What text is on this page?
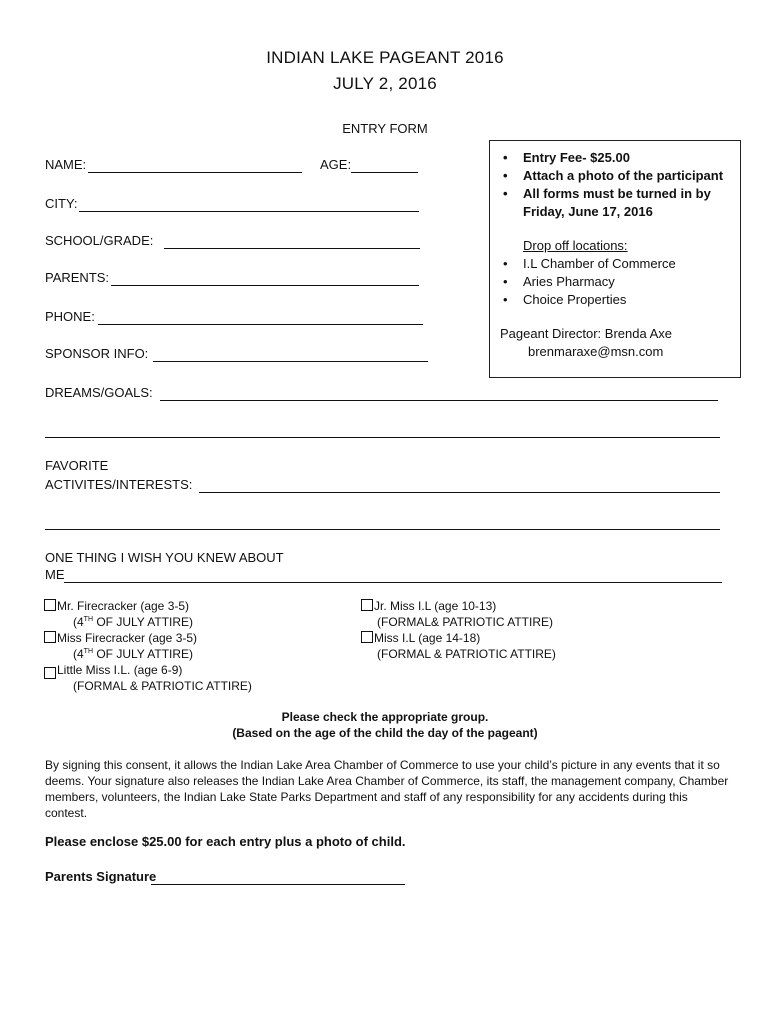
INDIAN LAKE PAGEANT 2016
JULY 2, 2016
ENTRY FORM
NAME:	AGE:
CITY:
SCHOOL/GRADE:
PARENTS:
PHONE:
SPONSOR INFO:
• Entry Fee- $25.00
• Attach a photo of the participant
• All forms must be turned in by
Friday, June 17, 2016
Drop off locations:
• I.L Chamber of Commerce
• Aries Pharmacy
• Choice Properties
Pageant Director: Brenda Axe
brenmaraxe@msn.com
DREAMS/GOALS:
FAVORITE
ACTIVITES/INTERESTS:
ONE THING I WISH YOU KNEW ABOUT
ME
Mr. Firecracker (age 3-5)
(4TH OF JULY ATTIRE)
Miss Firecracker (age 3-5)
(4TH OF JULY ATTIRE)
Little Miss I.L. (age 6-9)
(FORMAL & PATRIOTIC ATTIRE)
Jr. Miss I.L (age 10-13)
(FORMAL& PATRIOTIC ATTIRE)
Miss I.L (age 14-18)
(FORMAL & PATRIOTIC ATTIRE)
Please check the appropriate group.
(Based on the age of the child the day of the pageant)
By signing this consent, it allows the Indian Lake Area Chamber of Commerce to use your child’s picture in any events that it so
deems. Your signature also releases the Indian Lake Area Chamber of Commerce, its staff, the management company, Chamber
members, volunteers, the Indian Lake State Parks Department and staff of any responsibility for any accidents during this
contest.
Please enclose $25.00 for each entry plus a photo of child.
Parents Signature
